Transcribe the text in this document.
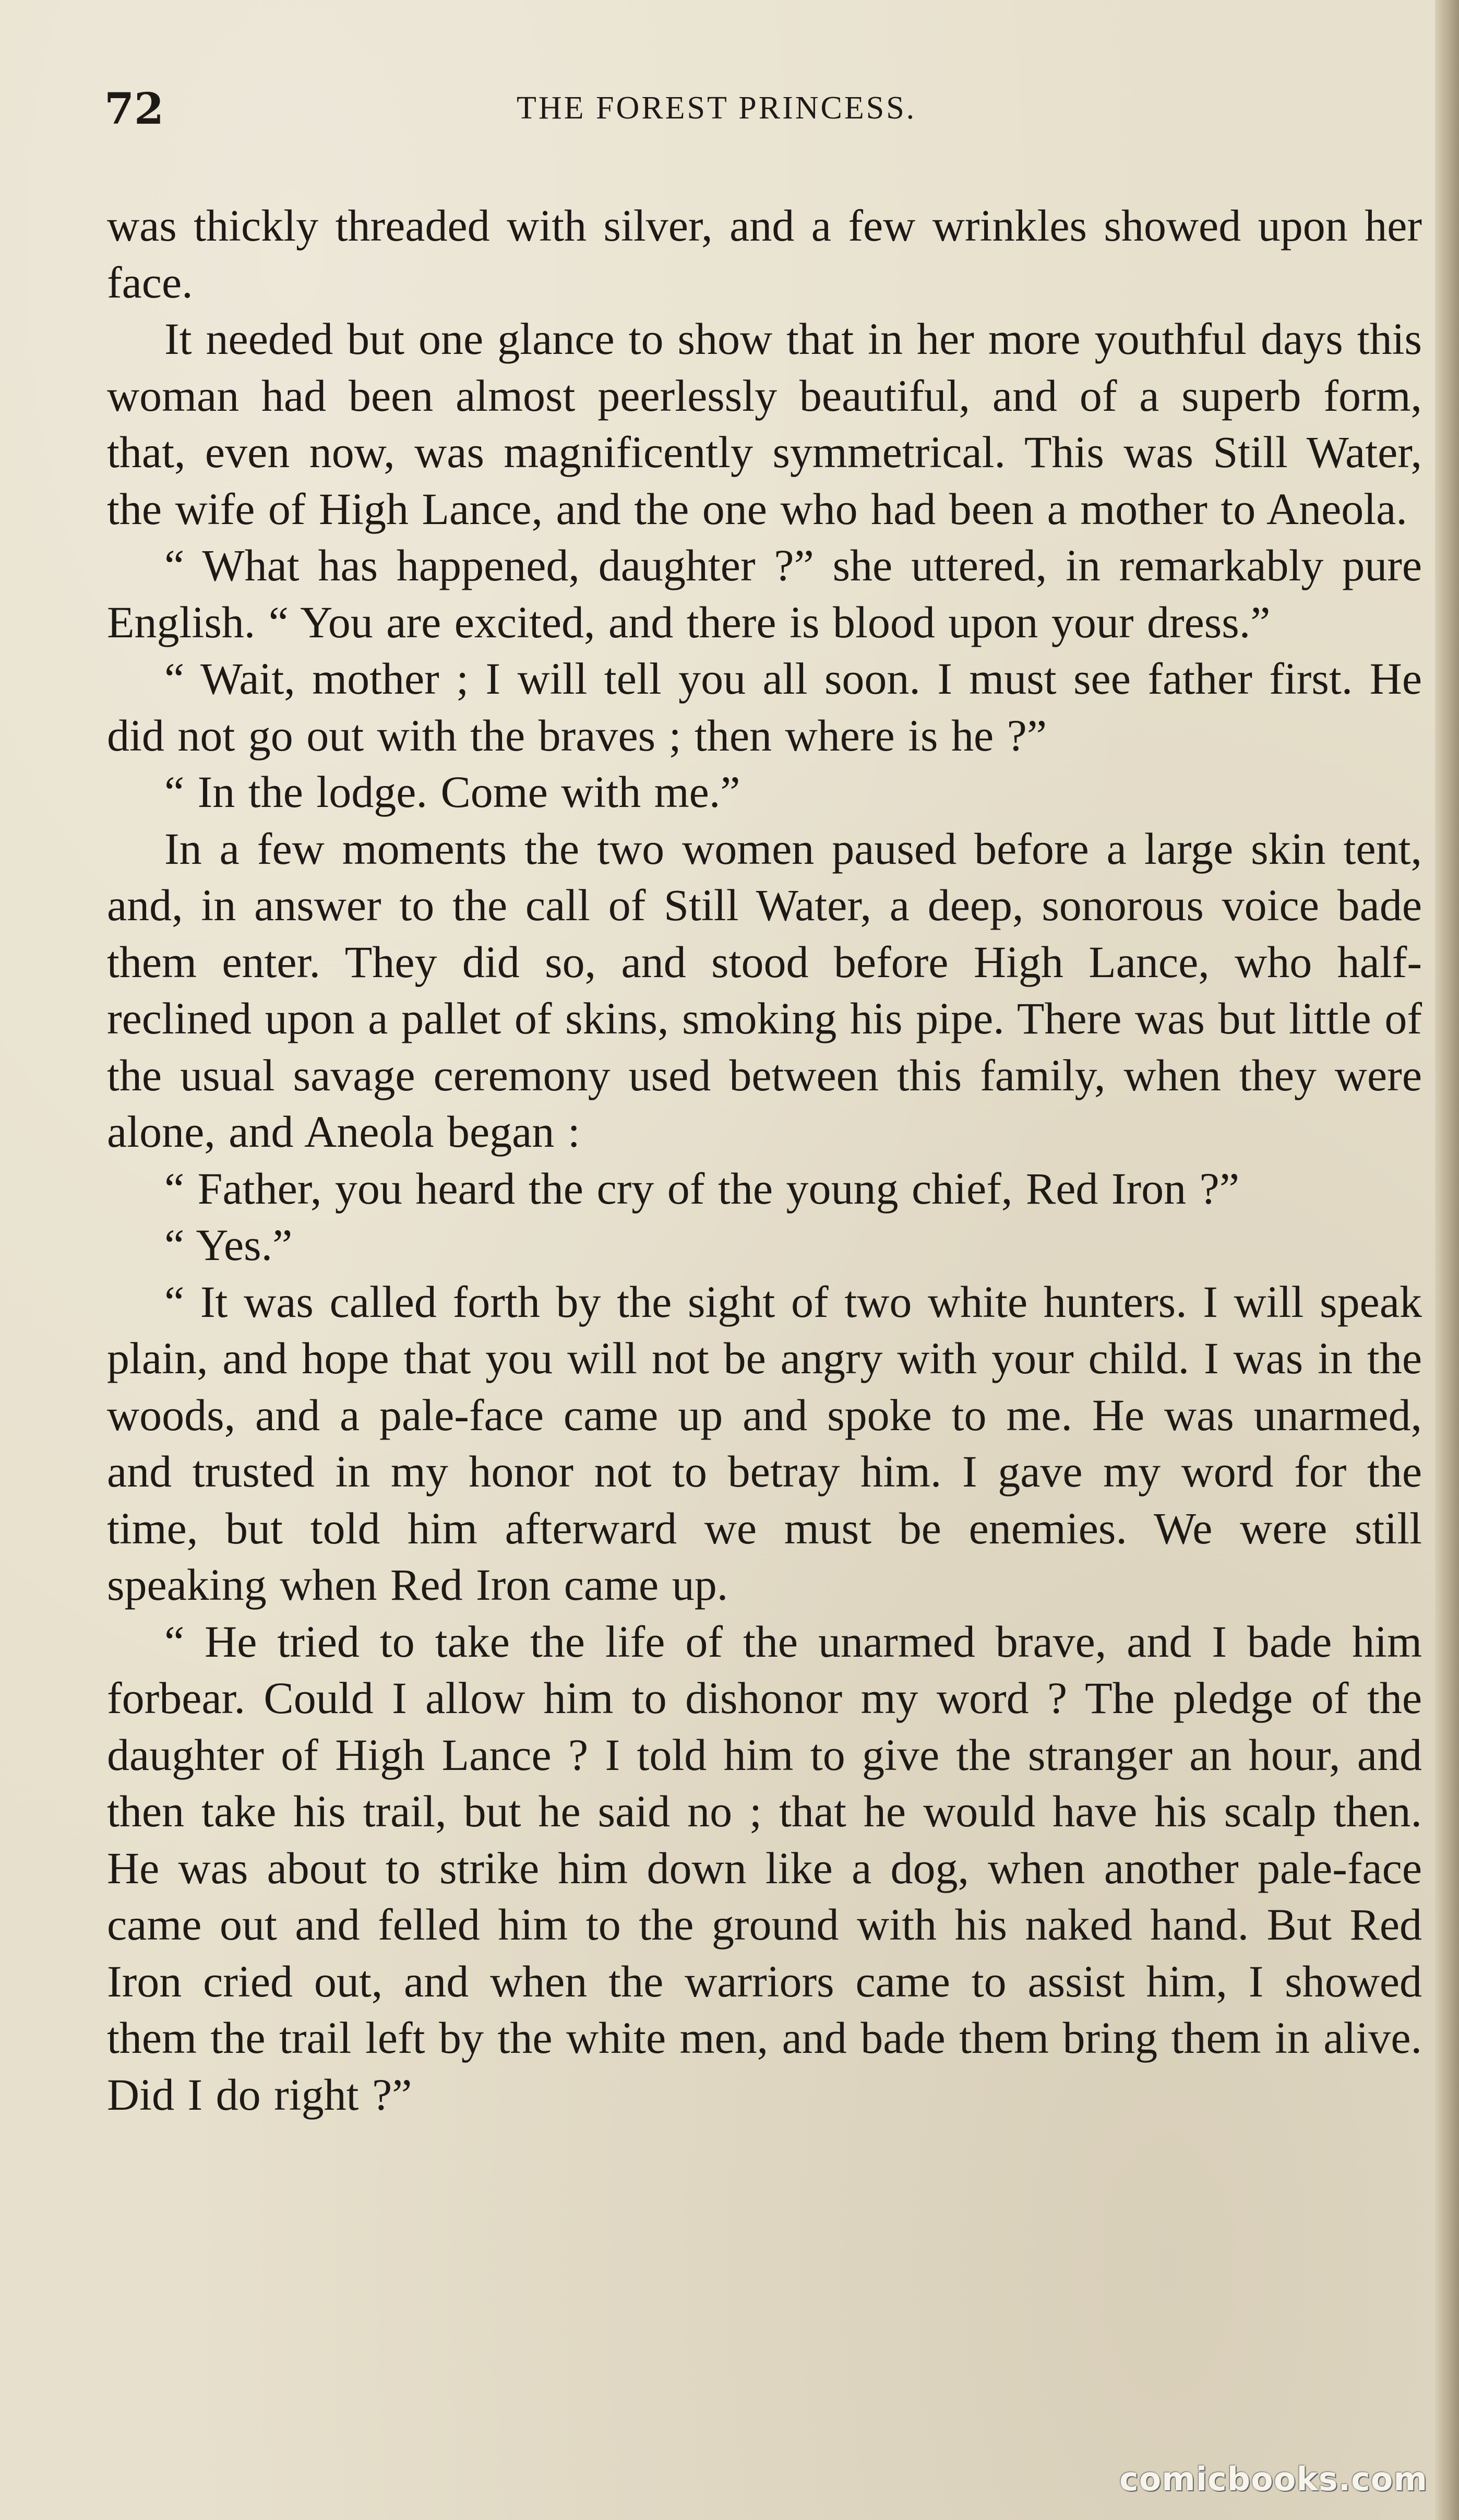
72	THE FOREST PRINCESS.

was thickly threaded with silver, and a few wrinkles showed upon her face.

It needed but one glance to show that in her more youthful days this woman had been almost peerlessly beautiful, and of a superb form, that, even now, was magnificently symmetrical. This was Still Water, the wife of High Lance, and the one who had been a mother to Aneola.

“ What has happened, daughter ?” she uttered, in remarkably pure English. “ You are excited, and there is blood upon your dress.”

“ Wait, mother ; I will tell you all soon. I must see father first. He did not go out with the braves ; then where is he ?”

“ In the lodge. Come with me.”

In a few moments the two women paused before a large skin tent, and, in answer to the call of Still Water, a deep, sonorous voice bade them enter. They did so, and stood before High Lance, who half-reclined upon a pallet of skins, smoking his pipe. There was but little of the usual savage ceremony used between this family, when they were alone, and Aneola began :

“ Father, you heard the cry of the young chief, Red Iron ?”

“ Yes.”

“ It was called forth by the sight of two white hunters. I will speak plain, and hope that you will not be angry with your child. I was in the woods, and a pale-face came up and spoke to me. He was unarmed, and trusted in my honor not to betray him. I gave my word for the time, but told him afterward we must be enemies. We were still speaking when Red Iron came up.

“ He tried to take the life of the unarmed brave, and I bade him forbear. Could I allow him to dishonor my word ? The pledge of the daughter of High Lance ? I told him to give the stranger an hour, and then take his trail, but he said no ; that he would have his scalp then. He was about to strike him down like a dog, when another pale-face came out and felled him to the ground with his naked hand. But Red Iron cried out, and when the warriors came to assist him, I showed them the trail left by the white men, and bade them bring them in alive. Did I do right ?”

comicbooks.com
